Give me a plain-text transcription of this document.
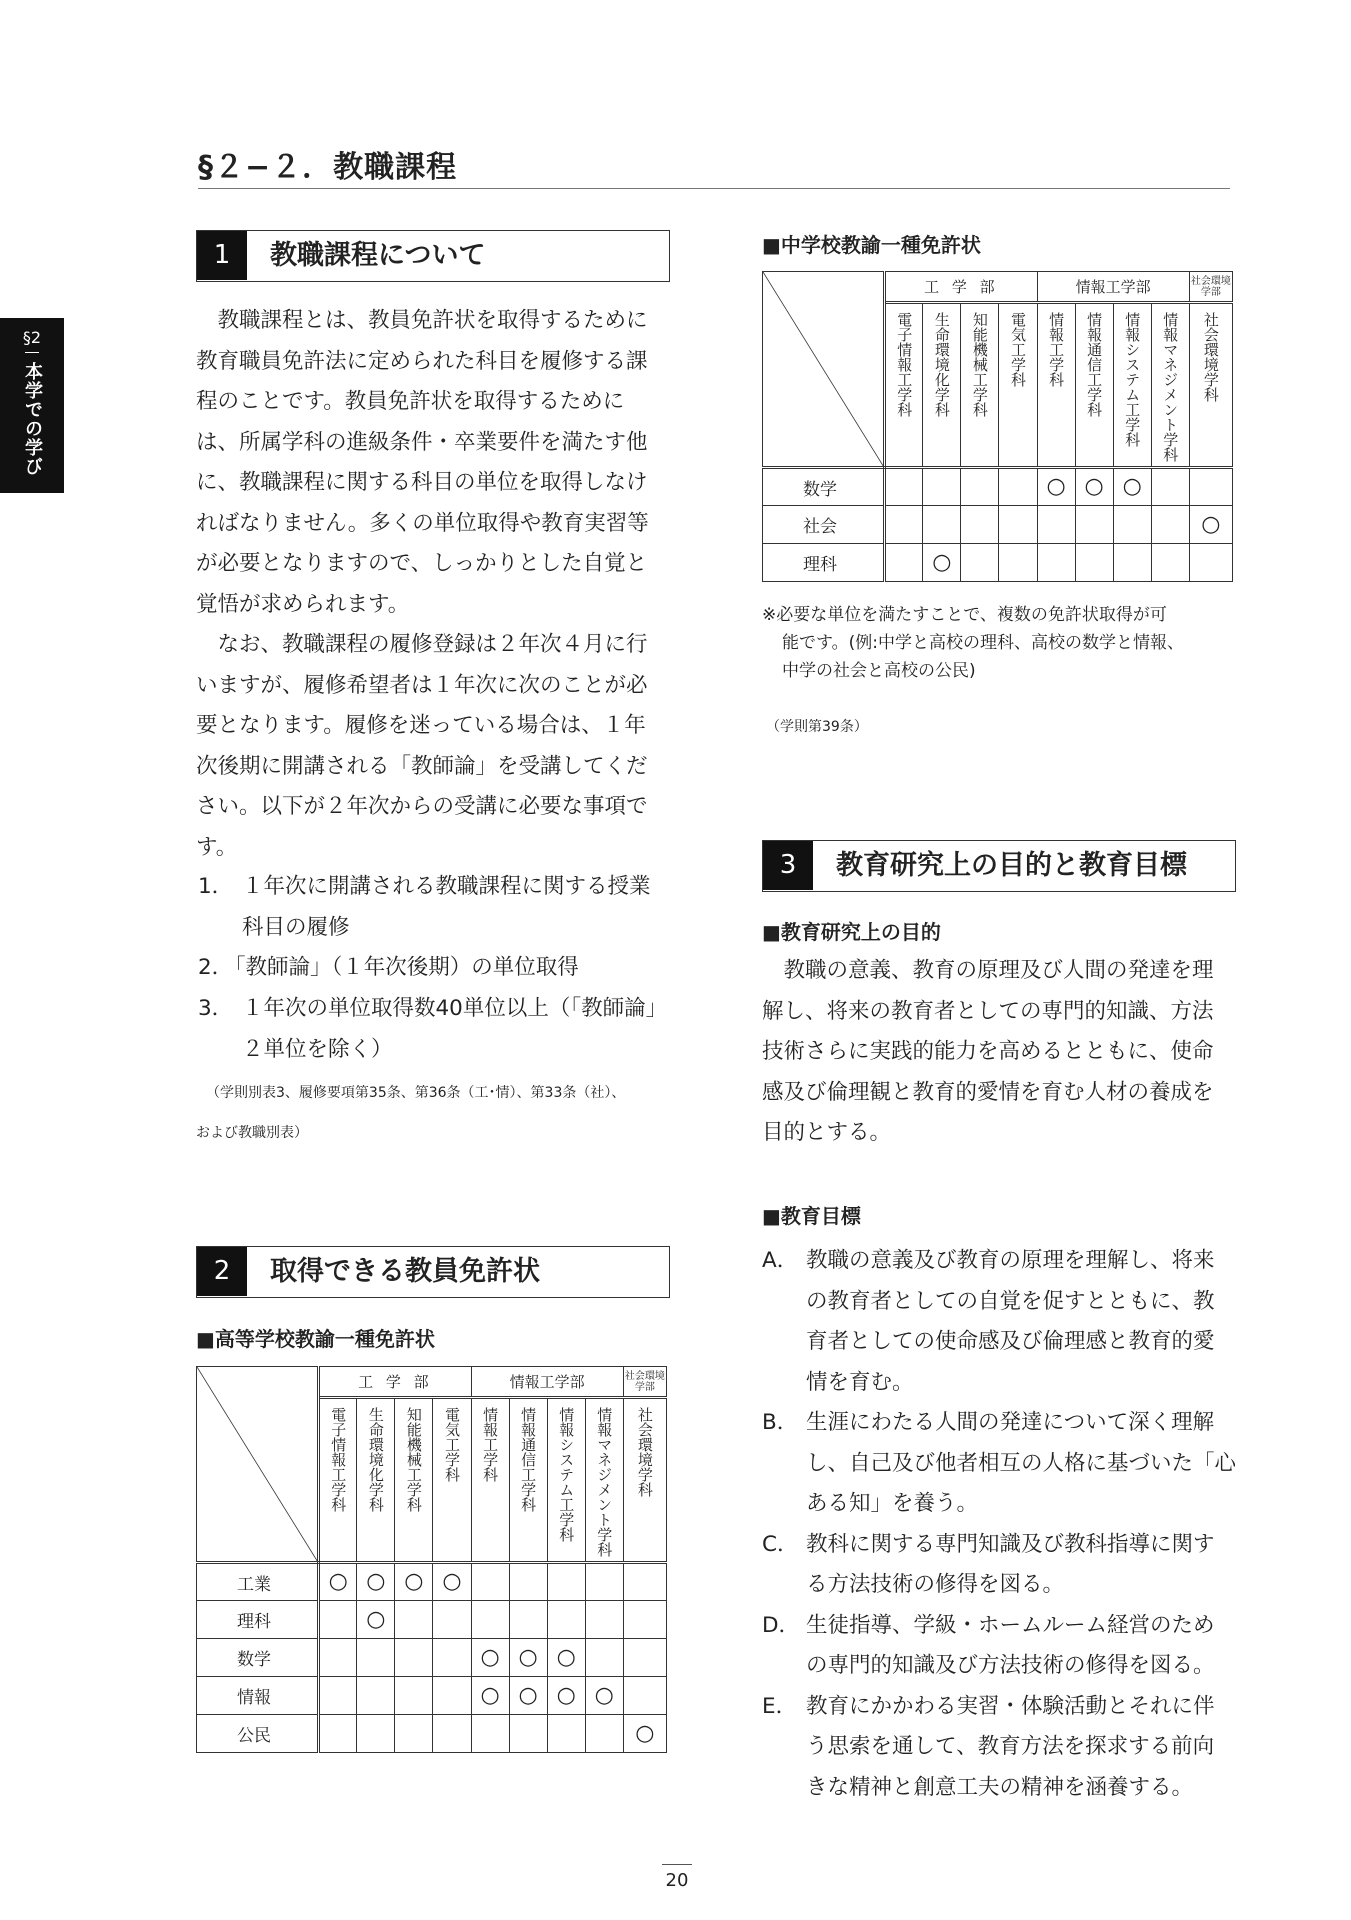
§2
本学での学び
§２−２．教職課程
1	教職課程について
教職課程とは、教員免許状を取得するために
教育職員免許法に定められた科目を履修する課
程のことです。教員免許状を取得するために
は、所属学科の進級条件・卒業要件を満たす他
に、教職課程に関する科目の単位を取得しなけ
ればなりません。多くの単位取得や教育実習等
が必要となりますので、しっかりとした自覚と
覚悟が求められます。
なお、教職課程の履修登録は２年次４月に行
いますが、履修希望者は１年次に次のことが必
要となります。履修を迷っている場合は、１年
次後期に開講される「教師論」を受講してくだ
さい。以下が２年次からの受講に必要な事項で
す。
1． １年次に開講される教職課程に関する授業
科目の履修
2．
「教師論」（１年次後期）の単位取得
3． １年次の単位取得数40単位以上（「教師論」
２単位を除く）
（学則別表3、履修要項第35条、第36条（工･情）、第33条（社）、
および教職別表）
2	取得できる教員免許状
■高等学校教諭一種免許状
	工 学 部				情報工学部				社会環境学部
	電子情報工学科	生命環境化学科	知能機械工学科	電気工学科	情報工学科	情報通信工学科	情報システム工学科	情報マネジメント学科	社会環境学科
工業	○	○	○	○					
理科		○							
数学					○	○	○		
情報					○	○	○	○	
公民									○
■中学校教諭一種免許状
	工 学 部				情報工学部				社会環境学部
	電子情報工学科	生命環境化学科	知能機械工学科	電気工学科	情報工学科	情報通信工学科	情報システム工学科	情報マネジメント学科	社会環境学科
数学					○	○	○		
社会									○
理科		○							
※必要な単位を満たすことで、複数の免許状取得が可
能です。(例:中学と高校の理科、高校の数学と情報、
中学の社会と高校の公民)
（学則第39条）
3	教育研究上の目的と教育目標
■教育研究上の目的
教職の意義、教育の原理及び人間の発達を理
解し、将来の教育者としての専門的知識、方法
技術さらに実践的能力を高めるとともに、使命
感及び倫理観と教育的愛情を育む人材の養成を
目的とする。
■教育目標
A． 教職の意義及び教育の原理を理解し、将来
の教育者としての自覚を促すとともに、教
育者としての使命感及び倫理感と教育的愛
情を育む。
B． 生涯にわたる人間の発達について深く理解
し、自己及び他者相互の人格に基づいた「心
ある知」を養う。
C． 教科に関する専門知識及び教科指導に関す
る方法技術の修得を図る。
D． 生徒指導、学級・ホームルーム経営のため
の専門的知識及び方法技術の修得を図る。
E． 教育にかかわる実習・体験活動とそれに伴
う思索を通して、教育方法を探求する前向
きな精神と創意工夫の精神を涵養する。
20
